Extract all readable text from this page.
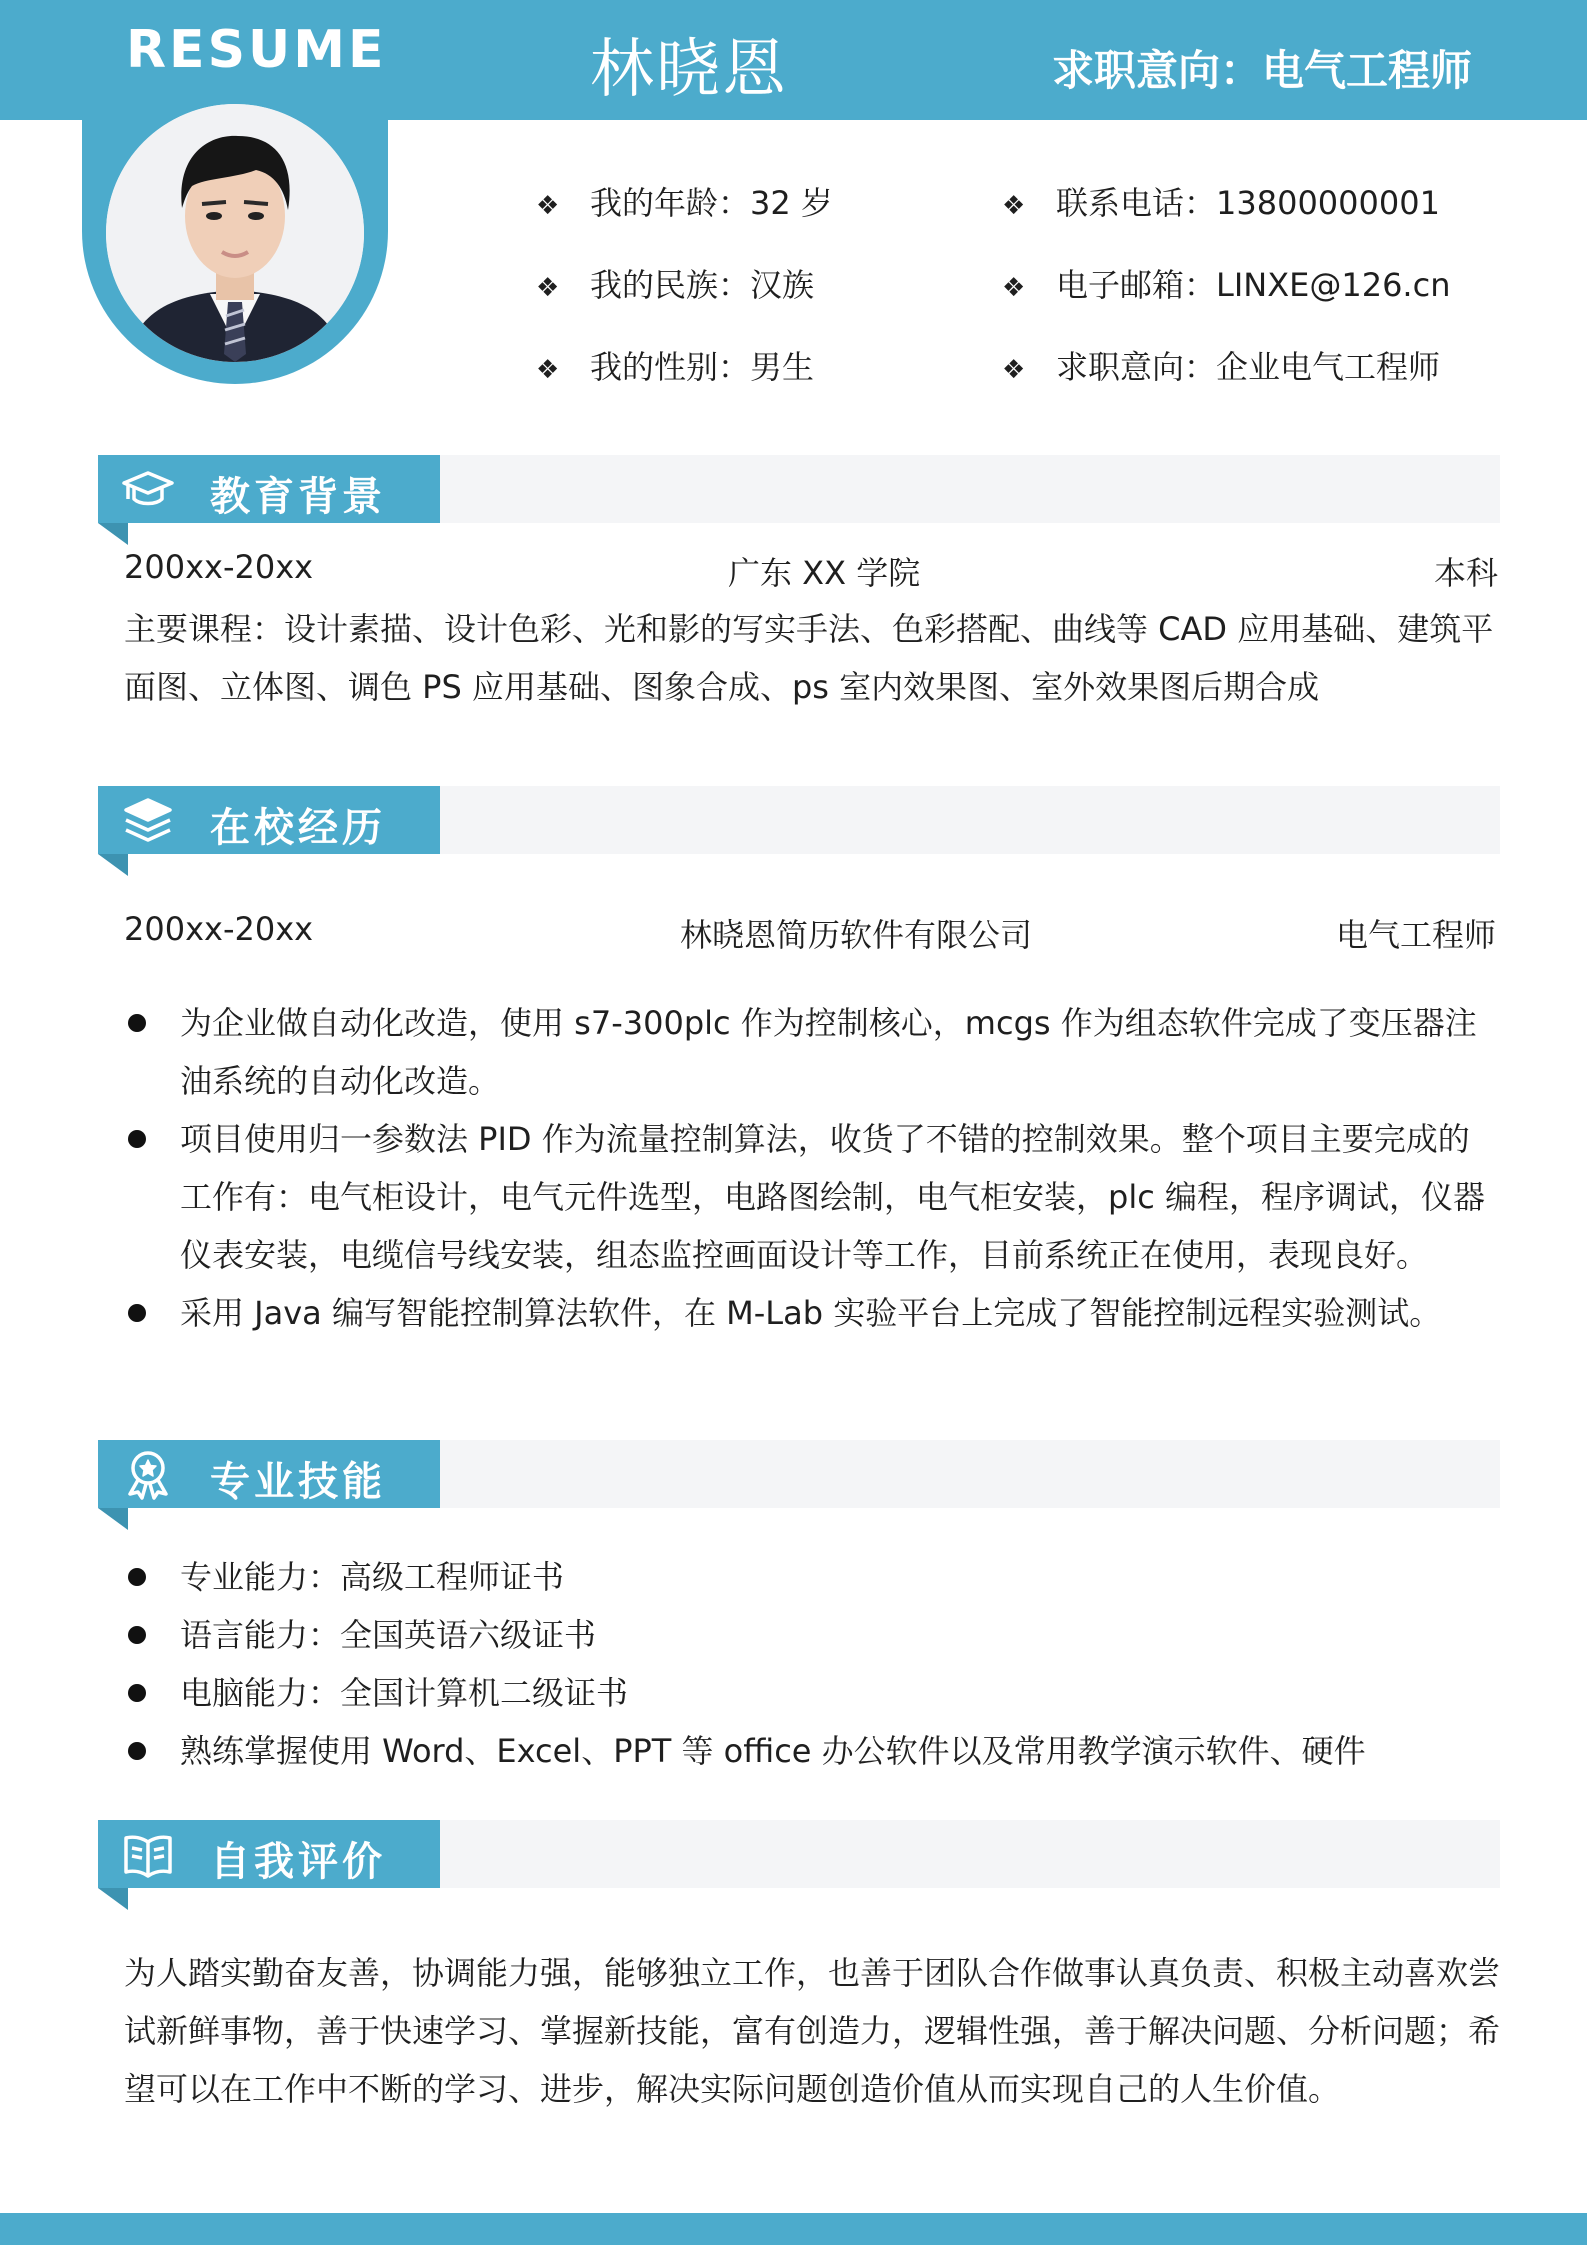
RESUME	林晓恩	求职意向：电气工程师
❖ 我的年龄：32 岁	❖ 联系电话：13800000001
❖ 我的民族：汉族	❖ 电子邮箱：LINXE@126.cn
❖ 我的性别：男生	❖ 求职意向：企业电气工程师
教育背景
200xx-20xx	广东 XX 学院	本科
主要课程：设计素描、设计色彩、光和影的写实手法、色彩搭配、曲线等 CAD 应用基础、建筑平面图、立体图、调色 PS 应用基础、图象合成、ps 室内效果图、室外效果图后期合成
在校经历
200xx-20xx	林晓恩简历软件有限公司	电气工程师
为企业做自动化改造，使用 s7-300plc 作为控制核心，mcgs 作为组态软件完成了变压器注油系统的自动化改造。
项目使用归一参数法 PID 作为流量控制算法，收货了不错的控制效果。整个项目主要完成的工作有：电气柜设计，电气元件选型，电路图绘制，电气柜安装，plc 编程，程序调试，仪器仪表安装，电缆信号线安装，组态监控画面设计等工作，目前系统正在使用，表现良好。
采用 Java 编写智能控制算法软件，在 M-Lab 实验平台上完成了智能控制远程实验测试。
专业技能
专业能力：高级工程师证书
语言能力：全国英语六级证书
电脑能力：全国计算机二级证书
熟练掌握使用 Word、Excel、PPT 等 office 办公软件以及常用教学演示软件、硬件
自我评价
为人踏实勤奋友善，协调能力强，能够独立工作，也善于团队合作做事认真负责、积极主动喜欢尝试新鲜事物，善于快速学习、掌握新技能，富有创造力，逻辑性强，善于解决问题、分析问题；希望可以在工作中不断的学习、进步，解决实际问题创造价值从而实现自己的人生价值。
